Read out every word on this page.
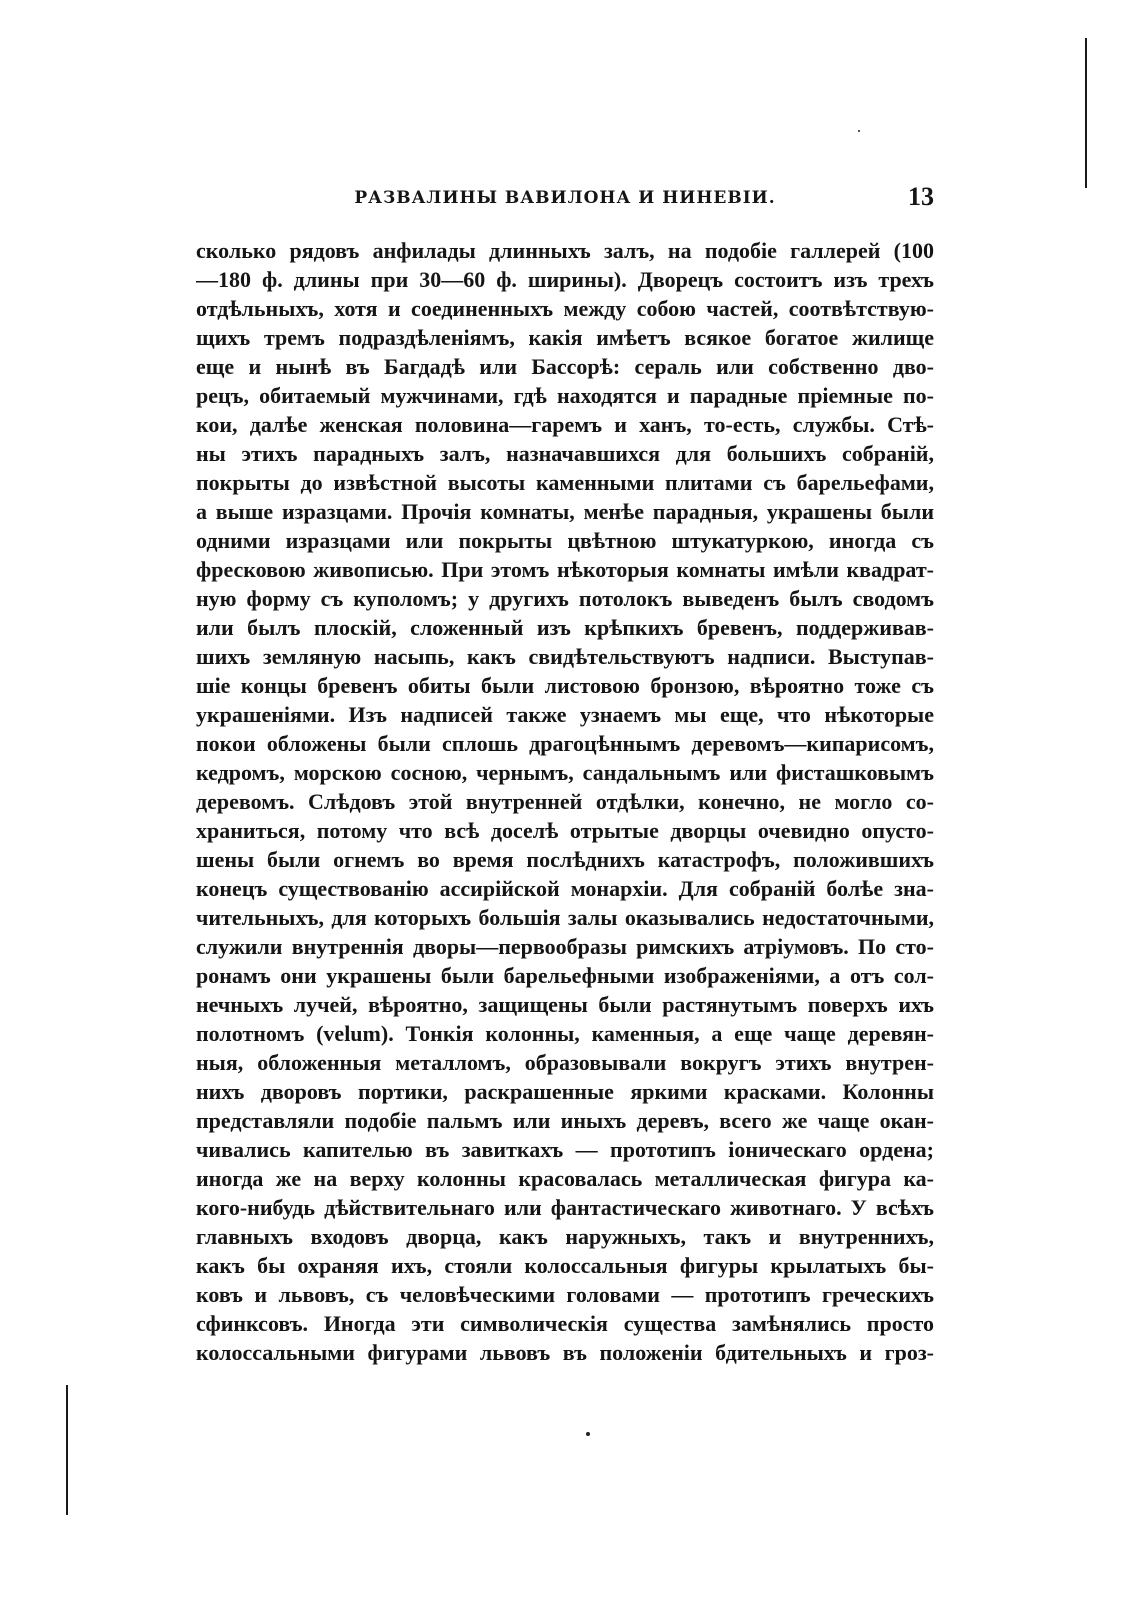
РАЗВАЛИНЫ ВАВИЛОНА И НИНЕВІИ.	13
сколько рядовъ анфилады длинныхъ залъ, на подобіе галлерей (100
—180 ф. длины при 30—60 ф. ширины). Дворецъ состоитъ изъ трехъ
отдѣльныхъ, хотя и соединенныхъ между собою частей, соотвѣтствую-
щихъ тремъ подраздѣленіямъ, какія имѣетъ всякое богатое жилище
еще и нынѣ въ Багдадѣ или Бассорѣ: сераль или собственно дво-
рецъ, обитаемый мужчинами, гдѣ находятся и парадные пріемные по-
кои, далѣе женская половина—гаремъ и ханъ, то-есть, службы. Стѣ-
ны этихъ парадныхъ залъ, назначавшихся для большихъ собраній,
покрыты до извѣстной высоты каменными плитами съ барельефами,
а выше изразцами. Прочія комнаты, менѣе парадныя, украшены были
одними изразцами или покрыты цвѣтною штукатуркою, иногда съ
фресковою живописью. При этомъ нѣкоторыя комнаты имѣли квадрат-
ную форму съ куполомъ; у другихъ потолокъ выведенъ былъ сводомъ
или былъ плоскій, сложенный изъ крѣпкихъ бревенъ, поддерживав-
шихъ земляную насыпь, какъ свидѣтельствуютъ надписи. Выступав-
шіе концы бревенъ обиты были листовою бронзою, вѣроятно тоже съ
украшеніями. Изъ надписей также узнаемъ мы еще, что нѣкоторые
покои обложены были сплошь драгоцѣннымъ деревомъ—кипарисомъ,
кедромъ, морскою сосною, чернымъ, сандальнымъ или фисташковымъ
деревомъ. Слѣдовъ этой внутренней отдѣлки, конечно, не могло со-
храниться, потому что всѣ доселѣ отрытые дворцы очевидно опусто-
шены были огнемъ во время послѣднихъ катастрофъ, положившихъ
конецъ существованію ассирійской монархіи. Для собраній болѣе зна-
чительныхъ, для которыхъ большія залы оказывались недостаточными,
служили внутреннія дворы—первообразы римскихъ атріумовъ. По сто-
ронамъ они украшены были барельефными изображеніями, а отъ сол-
нечныхъ лучей, вѣроятно, защищены были растянутымъ поверхъ ихъ
полотномъ (velum). Тонкія колонны, каменныя, а еще чаще деревян-
ныя, обложенныя металломъ, образовывали вокругъ этихъ внутрен-
нихъ дворовъ портики, раскрашенные яркими красками. Колонны
представляли подобіе пальмъ или иныхъ деревъ, всего же чаще окан-
чивались капителью въ завиткахъ — прототипъ іоническаго ордена;
иногда же на верху колонны красовалась металлическая фигура ка-
кого-нибудь дѣйствительнаго или фантастическаго животнаго. У всѣхъ
главныхъ входовъ дворца, какъ наружныхъ, такъ и внутреннихъ,
какъ бы охраняя ихъ, стояли колоссальныя фигуры крылатыхъ бы-
ковъ и львовъ, съ человѣческими головами — прототипъ греческихъ
сфинксовъ. Иногда эти символическія существа замѣнялись просто
колоссальными фигурами львовъ въ положеніи бдительныхъ и гроз-
